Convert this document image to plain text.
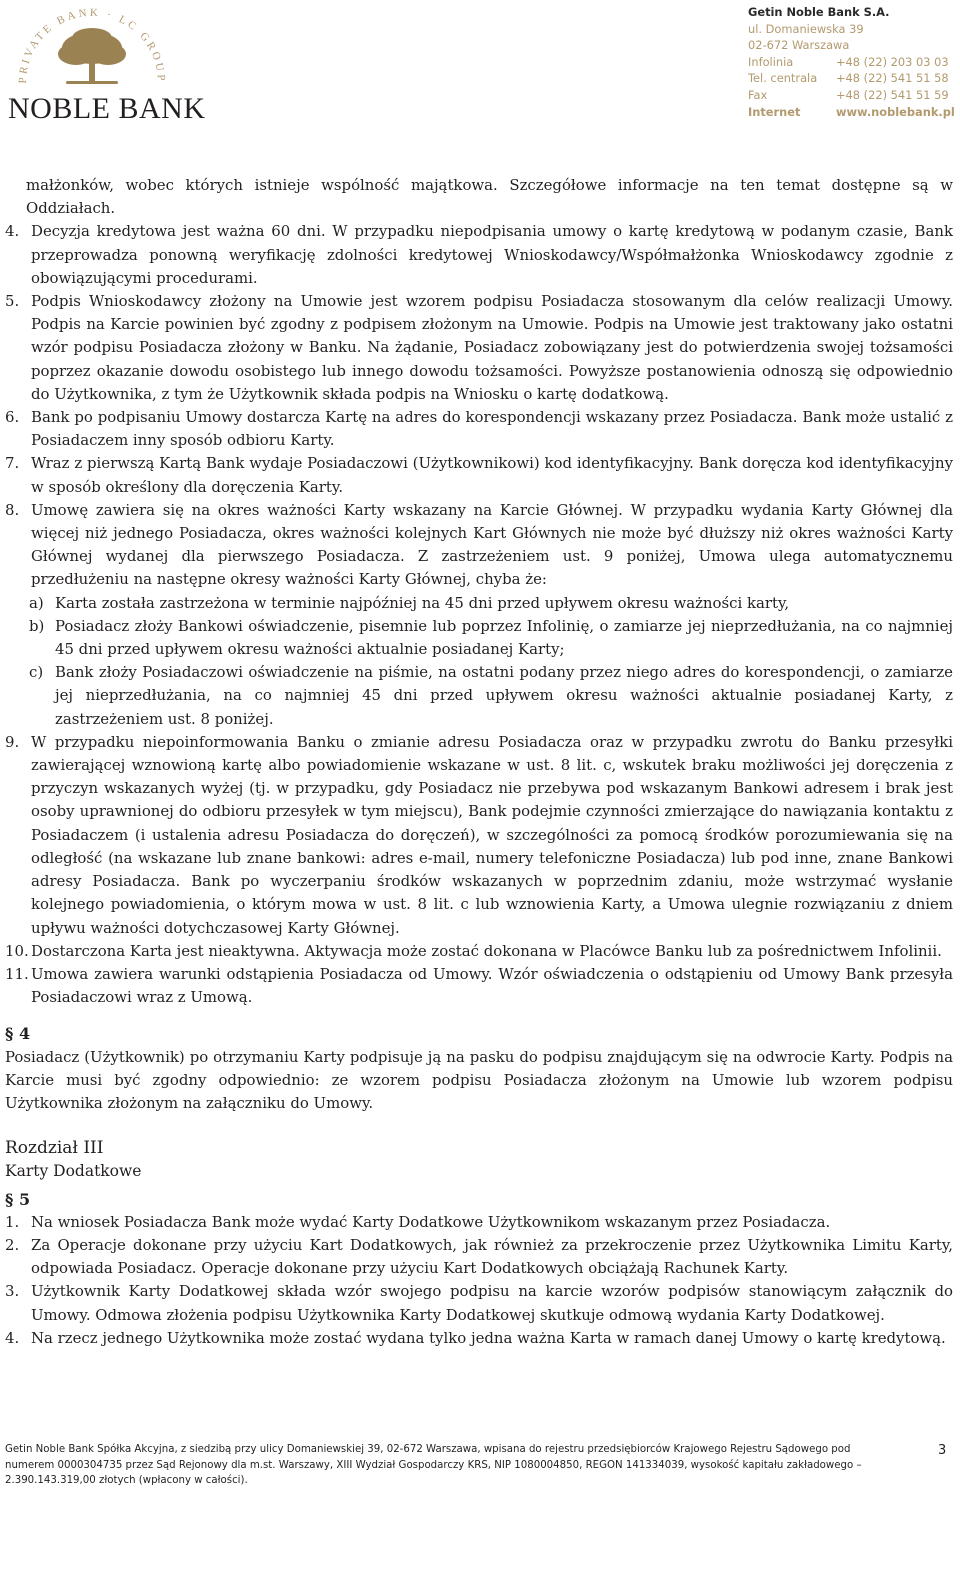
PRIVATE BANK · LC GROUP
NOBLE BANK
Getin Noble Bank S.A.
ul. Domaniewska 39
02-672 Warszawa
Infolinia	+48 (22) 203 03 03
Tel. centrala	+48 (22) 541 51 58
Fax	+48 (22) 541 51 59
Internet	www.noblebank.pl

małżonków, wobec których istnieje wspólność majątkowa. Szczegółowe informacje na ten temat dostępne są w Oddziałach.

4. Decyzja kredytowa jest ważna 60 dni. W przypadku niepodpisania umowy o kartę kredytową w podanym czasie, Bank przeprowadza ponowną weryfikację zdolności kredytowej Wnioskodawcy/Współmałżonka Wnioskodawcy zgodnie z obowiązującymi procedurami.

5. Podpis Wnioskodawcy złożony na Umowie jest wzorem podpisu Posiadacza stosowanym dla celów realizacji Umowy. Podpis na Karcie powinien być zgodny z podpisem złożonym na Umowie. Podpis na Umowie jest traktowany jako ostatni wzór podpisu Posiadacza złożony w Banku. Na żądanie, Posiadacz zobowiązany jest do potwierdzenia swojej tożsamości poprzez okazanie dowodu osobistego lub innego dowodu tożsamości. Powyższe postanowienia odnoszą się odpowiednio do Użytkownika, z tym że Użytkownik składa podpis na Wniosku o kartę dodatkową.

6. Bank po podpisaniu Umowy dostarcza Kartę na adres do korespondencji wskazany przez Posiadacza. Bank może ustalić z Posiadaczem inny sposób odbioru Karty.

7. Wraz z pierwszą Kartą Bank wydaje Posiadaczowi (Użytkownikowi) kod identyfikacyjny. Bank doręcza kod identyfikacyjny w sposób określony dla doręczenia Karty.

8. Umowę zawiera się na okres ważności Karty wskazany na Karcie Głównej. W przypadku wydania Karty Głównej dla więcej niż jednego Posiadacza, okres ważności kolejnych Kart Głównych nie może być dłuższy niż okres ważności Karty Głównej wydanej dla pierwszego Posiadacza. Z zastrzeżeniem ust. 9 poniżej, Umowa ulega automatycznemu przedłużeniu na następne okresy ważności Karty Głównej, chyba że:

a) Karta została zastrzeżona w terminie najpóźniej na 45 dni przed upływem okresu ważności karty,

b) Posiadacz złoży Bankowi oświadczenie, pisemnie lub poprzez Infolinię, o zamiarze jej nieprzedłużania, na co najmniej 45 dni przed upływem okresu ważności aktualnie posiadanej Karty;

c) Bank złoży Posiadaczowi oświadczenie na piśmie, na ostatni podany przez niego adres do korespondencji, o zamiarze jej nieprzedłużania, na co najmniej 45 dni przed upływem okresu ważności aktualnie posiadanej Karty, z zastrzeżeniem ust. 8 poniżej.

9. W przypadku niepoinformowania Banku o zmianie adresu Posiadacza oraz w przypadku zwrotu do Banku przesyłki zawierającej wznowioną kartę albo powiadomienie wskazane w ust. 8 lit. c, wskutek braku możliwości jej doręczenia z przyczyn wskazanych wyżej (tj. w przypadku, gdy Posiadacz nie przebywa pod wskazanym Bankowi adresem i brak jest osoby uprawnionej do odbioru przesyłek w tym miejscu), Bank podejmie czynności zmierzające do nawiązania kontaktu z Posiadaczem (i ustalenia adresu Posiadacza do doręczeń), w szczególności za pomocą środków porozumiewania się na odległość (na wskazane lub znane bankowi: adres e-mail, numery telefoniczne Posiadacza) lub pod inne, znane Bankowi adresy Posiadacza. Bank po wyczerpaniu środków wskazanych w poprzednim zdaniu, może wstrzymać wysłanie kolejnego powiadomienia, o którym mowa w ust. 8 lit. c lub wznowienia Karty, a Umowa ulegnie rozwiązaniu z dniem upływu ważności dotychczasowej Karty Głównej.

10. Dostarczona Karta jest nieaktywna. Aktywacja może zostać dokonana w Placówce Banku lub za pośrednictwem Infolinii.

11. Umowa zawiera warunki odstąpienia Posiadacza od Umowy. Wzór oświadczenia o odstąpieniu od Umowy Bank przesyła Posiadaczowi wraz z Umową.

§ 4

Posiadacz (Użytkownik) po otrzymaniu Karty podpisuje ją na pasku do podpisu znajdującym się na odwrocie Karty. Podpis na Karcie musi być zgodny odpowiednio: ze wzorem podpisu Posiadacza złożonym na Umowie lub wzorem podpisu Użytkownika złożonym na załączniku do Umowy.

Rozdział III

Karty Dodatkowe

§ 5

1. Na wniosek Posiadacza Bank może wydać Karty Dodatkowe Użytkownikom wskazanym przez Posiadacza.

2. Za Operacje dokonane przy użyciu Kart Dodatkowych, jak również za przekroczenie przez Użytkownika Limitu Karty, odpowiada Posiadacz. Operacje dokonane przy użyciu Kart Dodatkowych obciążają Rachunek Karty.

3. Użytkownik Karty Dodatkowej składa wzór swojego podpisu na karcie wzorów podpisów stanowiącym załącznik do Umowy. Odmowa złożenia podpisu Użytkownika Karty Dodatkowej skutkuje odmową wydania Karty Dodatkowej.

4. Na rzecz jednego Użytkownika może zostać wydana tylko jedna ważna Karta w ramach danej Umowy o kartę kredytową.

Getin Noble Bank Spółka Akcyjna, z siedzibą przy ulicy Domaniewskiej 39, 02-672 Warszawa, wpisana do rejestru przedsiębiorców Krajowego Rejestru Sądowego pod numerem 0000304735 przez Sąd Rejonowy dla m.st. Warszawy, XIII Wydział Gospodarczy KRS, NIP 1080004850, REGON 141334039, wysokość kapitału zakładowego – 2.390.143.319,00 złotych (wpłacony w całości).
3
